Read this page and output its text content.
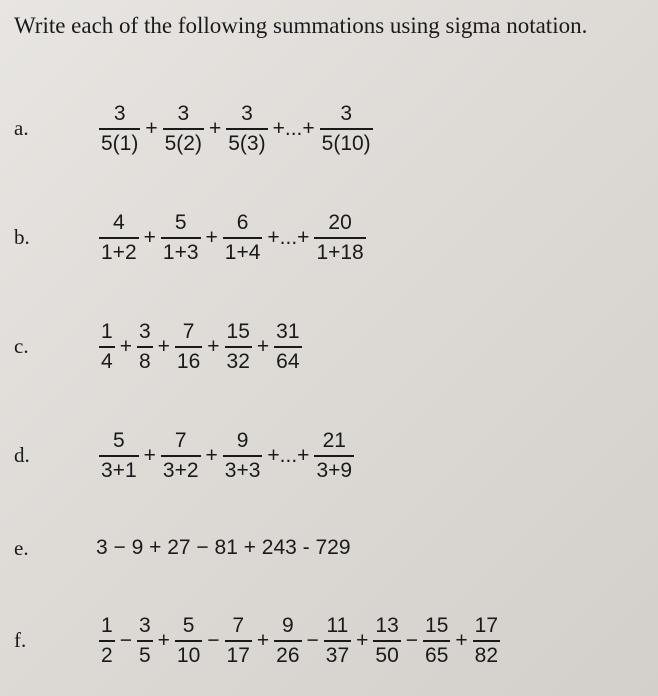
Write each of the following summations using sigma notation.
a.	$\frac{3}{5(1)} + \frac{3}{5(2)} + \frac{3}{5(3)}$ +...+ $\frac{3}{5(10)}$
b.	$\frac{4}{1+2} + \frac{5}{1+3} + \frac{6}{1+4}$ +...+ $\frac{20}{1+18}$
c.	$\frac{1}{4} + \frac{3}{8} + \frac{7}{16} + \frac{15}{32} + \frac{31}{64}$
d.	$\frac{5}{3+1} + \frac{7}{3+2} + \frac{9}{3+3}$ +...+ $\frac{21}{3+9}$
e.	3 − 9 + 27 − 81 + 243 - 729
f.	$\frac{1}{2} - \frac{3}{5} + \frac{5}{10} - \frac{7}{17} + \frac{9}{26} - \frac{11}{37} + \frac{13}{50} - \frac{15}{65} + \frac{17}{82}$
